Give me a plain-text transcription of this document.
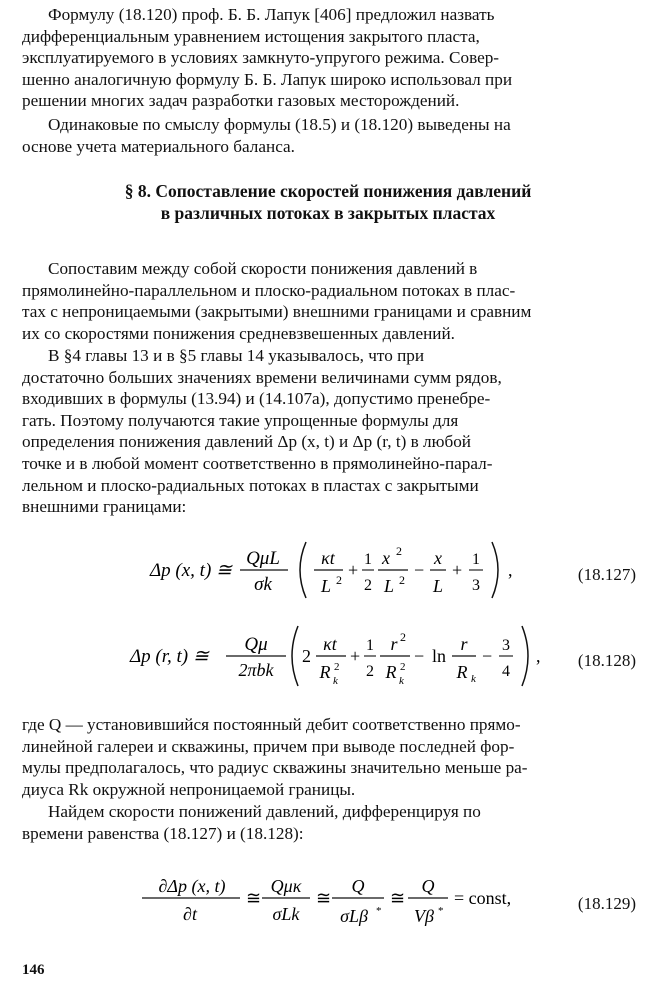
Формулу (18.120) проф. Б. Б. Лапук [406] предложил назвать
дифференциальным уравнением истощения закрытого пласта,
эксплуатируемого в условиях замкнуто-упругого режима. Совер-
шенно аналогичную формулу Б. Б. Лапук широко использовал при
решении многих задач разработки газовых месторождений.

Одинаковые по смыслу формулы (18.5) и (18.120) выведены на
основе учета материального баланса.

§ 8. Сопоставление скоростей понижения давлений
в различных потоках в закрытых пластах

Сопоставим между собой скорости понижения давлений в
прямолинейно-параллельном и плоско-радиальном потоках в плас-
тах с непроницаемыми (закрытыми) внешними границами и сравним
их со скоростями понижения средневзвешенных давлений.

В §4 главы 13 и в §5 главы 14 указывалось, что при
достаточно больших значениях времени величинами сумм рядов,
входивших в формулы (13.94) и (14.107а), допустимо пренебре-
гать. Поэтому получаются такие упрощенные формулы для
определения понижения давлений Δp (x, t) и Δp (r, t) в любой
точке и в любой момент соответственно в прямолинейно-парал-
лельном и плоско-радиальных потоках в пластах с закрытыми
внешними границами:

Δp (x, t) ≅
QμL
σk
κt
L 2 +
1
2
x 2
L 2 −
x
L
+
1
3
,	(18.127)
Δp (r, t) ≅
Qμ
2πbk
2
κt
R 2
k
+
1
2
r 2
R 2
k
− ln
r
R k
−
3
4
, (18.128)

где Q — установившийся постоянный дебит соответственно прямо-
линейной галереи и скважины, причем при выводе последней фор-
мулы предполагалось, что радиус скважины значительно меньше ра-
диуса Rk окружной непроницаемой границы.

Найдем скорости понижений давлений, дифференцируя по
времени равенства (18.127) и (18.128):

∂Δp (x, t)
∂t
≅
Qμκ
σLk
≅
Q
σLβ *
≅
Q
Vβ *
= const,	(18.129)
146
